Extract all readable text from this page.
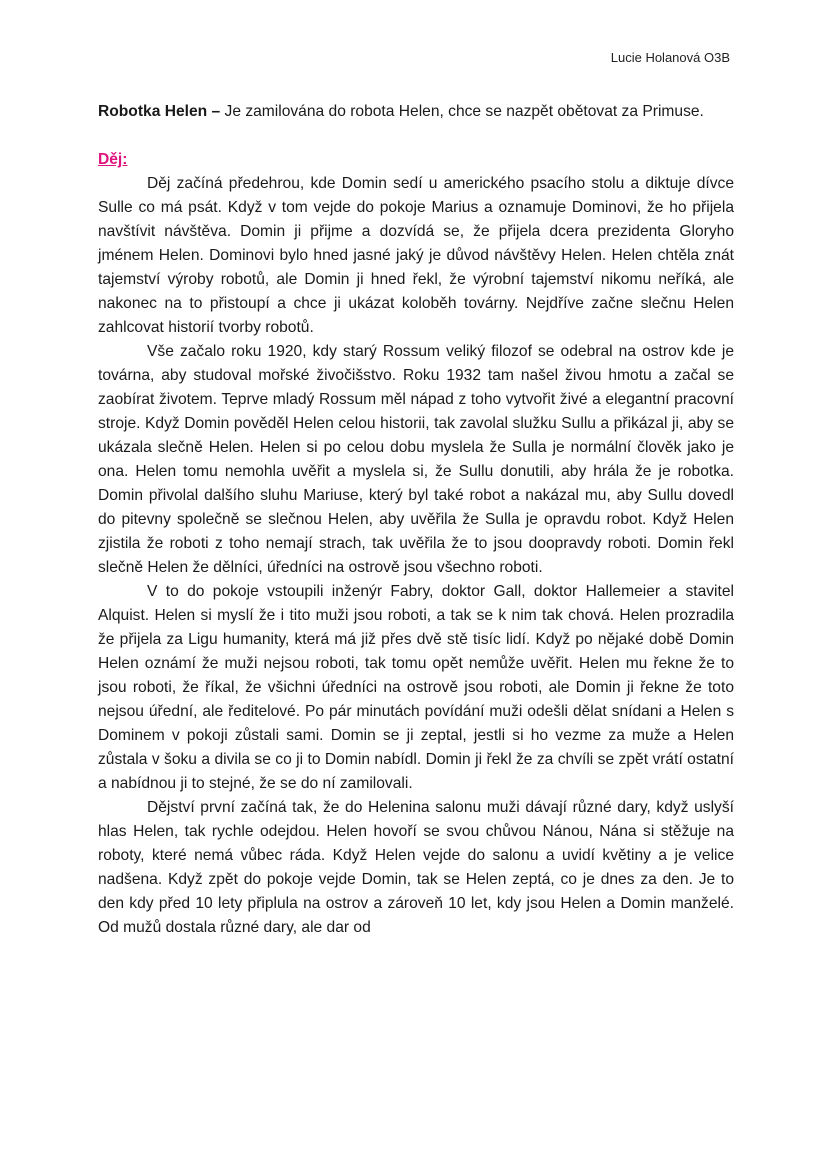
Lucie Holanová O3B

Robotka Helen – Je zamilována do robota Helen, chce se nazpět obětovat za Primuse.

Děj:

Děj začíná předehrou, kde Domin sedí u amerického psacího stolu a diktuje dívce Sulle co má psát. Když v tom vejde do pokoje Marius a oznamuje Dominovi, že ho přijela navštívit návštěva. Domin ji přijme a dozvídá se, že přijela dcera prezidenta Gloryho jménem Helen. Dominovi bylo hned jasné jaký je důvod návštěvy Helen. Helen chtěla znát tajemství výroby robotů, ale Domin ji hned řekl, že výrobní tajemství nikomu neříká, ale nakonec na to přistoupí a chce ji ukázat koloběh továrny. Nejdříve začne slečnu Helen zahlcovat historií tvorby robotů.

Vše začalo roku 1920, kdy starý Rossum veliký filozof se odebral na ostrov kde je továrna, aby studoval mořské živočišstvo. Roku 1932 tam našel živou hmotu a začal se zaobírat životem. Teprve mladý Rossum měl nápad z toho vytvořit živé a elegantní pracovní stroje. Když Domin pověděl Helen celou historii, tak zavolal služku Sullu a přikázal ji, aby se ukázala slečně Helen. Helen si po celou dobu myslela že Sulla je normální člověk jako je ona. Helen tomu nemohla uvěřit a myslela si, že Sullu donutili, aby hrála že je robotka. Domin přivolal dalšího sluhu Mariuse, který byl také robot a nakázal mu, aby Sullu dovedl do pitevny společně se slečnou Helen, aby uvěřila že Sulla je opravdu robot. Když Helen zjistila že roboti z toho nemají strach, tak uvěřila že to jsou doopravdy roboti. Domin řekl slečně Helen že dělníci, úředníci na ostrově jsou všechno roboti.

V to do pokoje vstoupili inženýr Fabry, doktor Gall, doktor Hallemeier a stavitel Alquist. Helen si myslí že i tito muži jsou roboti, a tak se k nim tak chová. Helen prozradila že přijela za Ligu humanity, která má již přes dvě stě tisíc lidí. Když po nějaké době Domin Helen oznámí že muži nejsou roboti, tak tomu opět nemůže uvěřit. Helen mu řekne že to jsou roboti, že říkal, že všichni úředníci na ostrově jsou roboti, ale Domin ji řekne že toto nejsou úřední, ale ředitelové. Po pár minutách povídání muži odešli dělat snídani a Helen s Dominem v pokoji zůstali sami. Domin se ji zeptal, jestli si ho vezme za muže a Helen zůstala v šoku a divila se co ji to Domin nabídl. Domin ji řekl že za chvíli se zpět vrátí ostatní a nabídnou ji to stejné, že se do ní zamilovali.

Dějství první začíná tak, že do Helenina salonu muži dávají různé dary, když uslyší hlas Helen, tak rychle odejdou. Helen hovoří se svou chůvou Nánou, Nána si stěžuje na roboty, které nemá vůbec ráda. Když Helen vejde do salonu a uvidí květiny a je velice nadšena. Když zpět do pokoje vejde Domin, tak se Helen zeptá, co je dnes za den. Je to den kdy před 10 lety připlula na ostrov a zároveň 10 let, kdy jsou Helen a Domin manželé. Od mužů dostala různé dary, ale dar od
